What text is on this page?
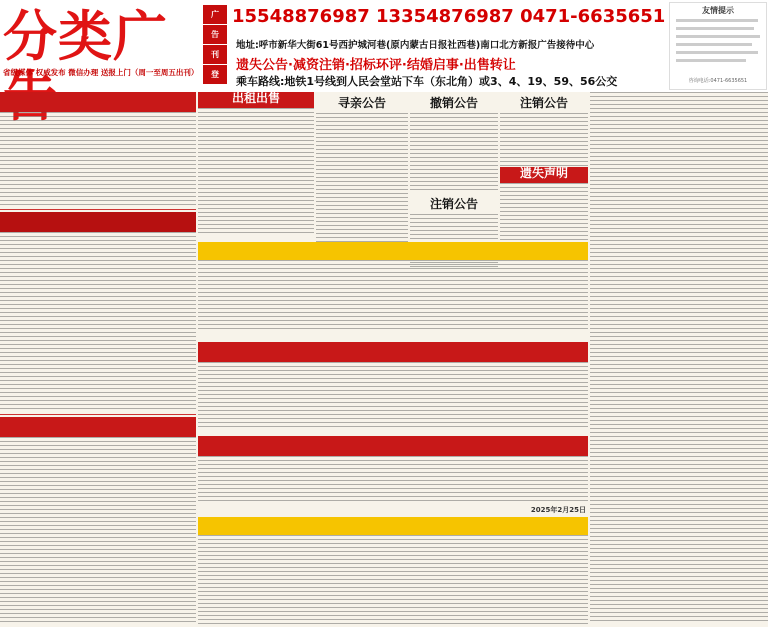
分类广
省级媒体 权威发布 微信办理 送报上门（周一至周五出刊）
广
告
刊
登
15548876987 13354876987 0471-6635651
地址:呼市新华大街61号西护城河巷(原内蒙古日报社西巷)南口北方新报广告接待中心
遗失公告·减资注销·招标环评·结婚启事·出售转让
乘车路线:地铁1号线到人民会堂站下车（东北角）或3、4、19、59、56公交
友情提示
咨询电话:0471-6635651
出租出售	寻亲公告	撤销公告
注销公告
注销公告
遗失声明
2025年2月25日
